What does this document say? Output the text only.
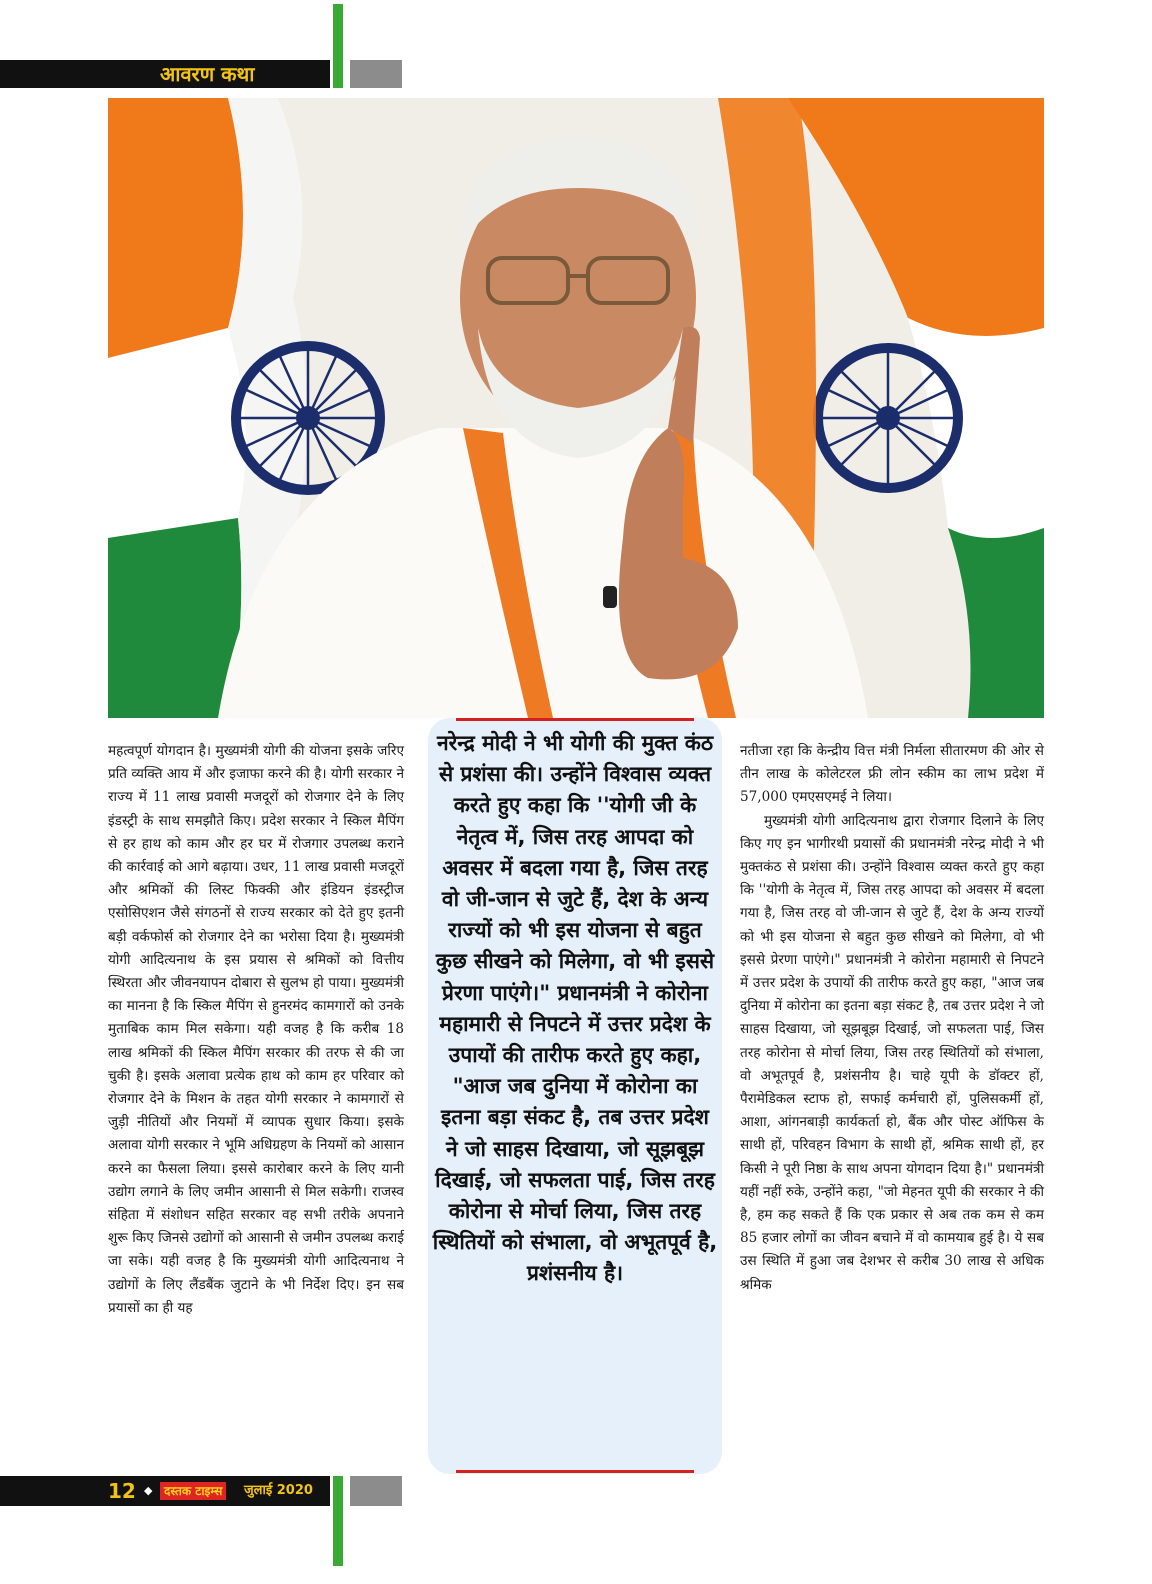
आवरण कथा

महत्वपूर्ण योगदान है। मुख्यमंत्री योगी की योजना इसके जरिए प्रति व्यक्ति आय में और इजाफा करने की है। योगी सरकार ने राज्य में 11 लाख प्रवासी मजदूरों को रोजगार देने के लिए इंडस्ट्री के साथ समझौते किए। प्रदेश सरकार ने स्किल मैपिंग से हर हाथ को काम और हर घर में रोजगार उपलब्ध कराने की कार्रवाई को आगे बढ़ाया। उधर, 11 लाख प्रवासी मजदूरों और श्रमिकों की लिस्ट फिक्की और इंडियन इंडस्ट्रीज एसोसिएशन जैसे संगठनों से राज्य सरकार को देते हुए इतनी बड़ी वर्कफोर्स को रोजगार देने का भरोसा दिया है। मुख्यमंत्री योगी आदित्यनाथ के इस प्रयास से श्रमिकों को वित्तीय स्थिरता और जीवनयापन दोबारा से सुलभ हो पाया। मुख्यमंत्री का मानना है कि स्किल मैपिंग से हुनरमंद कामगारों को उनके मुताबिक काम मिल सकेगा। यही वजह है कि करीब 18 लाख श्रमिकों की स्किल मैपिंग सरकार की तरफ से की जा चुकी है। इसके अलावा प्रत्येक हाथ को काम हर परिवार को रोजगार देने के मिशन के तहत योगी सरकार ने कामगारों से जुड़ी नीतियों और नियमों में व्यापक सुधार किया। इसके अलावा योगी सरकार ने भूमि अधिग्रहण के नियमों को आसान करने का फैसला लिया। इससे कारोबार करने के लिए यानी उद्योग लगाने के लिए जमीन आसानी से मिल सकेगी। राजस्व संहिता में संशोधन सहित सरकार वह सभी तरीके अपनाने शुरू किए जिनसे उद्योगों को आसानी से जमीन उपलब्ध कराई जा सके। यही वजह है कि मुख्यमंत्री योगी आदित्यनाथ ने उद्योगों के लिए लैंडबैंक जुटाने के भी निर्देश दिए। इन सब प्रयासों का ही यह

नरेन्द्र मोदी ने भी योगी की मुक्त कंठ से प्रशंसा की। उन्होंने विश्वास व्यक्त करते हुए कहा कि ''योगी जी के नेतृत्व में, जिस तरह आपदा को अवसर में बदला गया है, जिस तरह वो जी-जान से जुटे हैं, देश के अन्य राज्यों को भी इस योजना से बहुत कुछ सीखने को मिलेगा, वो भी इससे प्रेरणा पाएंगे।" प्रधानमंत्री ने कोरोना महामारी से निपटने में उत्तर प्रदेश के उपायों की तारीफ करते हुए कहा, "आज जब दुनिया में कोरोना का इतना बड़ा संकट है, तब उत्तर प्रदेश ने जो साहस दिखाया, जो सूझबूझ दिखाई, जो सफलता पाई, जिस तरह कोरोना से मोर्चा लिया, जिस तरह स्थितियों को संभाला, वो अभूतपूर्व है, प्रशंसनीय है।

नतीजा रहा कि केन्द्रीय वित्त मंत्री निर्मला सीतारमण की ओर से तीन लाख के कोलेटरल फ्री लोन स्कीम का लाभ प्रदेश में 57,000 एमएसएमई ने लिया।

मुख्यमंत्री योगी आदित्यनाथ द्वारा रोजगार दिलाने के लिए किए गए इन भागीरथी प्रयासों की प्रधानमंत्री नरेन्द्र मोदी ने भी मुक्तकंठ से प्रशंसा की। उन्होंने विश्वास व्यक्त करते हुए कहा कि ''योगी के नेतृत्व में, जिस तरह आपदा को अवसर में बदला गया है, जिस तरह वो जी-जान से जुटे हैं, देश के अन्य राज्यों को भी इस योजना से बहुत कुछ सीखने को मिलेगा, वो भी इससे प्रेरणा पाएंगे।" प्रधानमंत्री ने कोरोना महामारी से निपटने में उत्तर प्रदेश के उपायों की तारीफ करते हुए कहा, "आज जब दुनिया में कोरोना का इतना बड़ा संकट है, तब उत्तर प्रदेश ने जो साहस दिखाया, जो सूझबूझ दिखाई, जो सफलता पाई, जिस तरह कोरोना से मोर्चा लिया, जिस तरह स्थितियों को संभाला, वो अभूतपूर्व है, प्रशंसनीय है। चाहे यूपी के डॉक्टर हों, पैरामेडिकल स्टाफ हो, सफाई कर्मचारी हों, पुलिसकर्मी हों, आशा, आंगनबाड़ी कार्यकर्ता हो, बैंक और पोस्ट ऑफिस के साथी हों, परिवहन विभाग के साथी हों, श्रमिक साथी हों, हर किसी ने पूरी निष्ठा के साथ अपना योगदान दिया है।" प्रधानमंत्री यहीं नहीं रुके, उन्होंने कहा, "जो मेहनत यूपी की सरकार ने की है, हम कह सकते हैं कि एक प्रकार से अब तक कम से कम 85 हजार लोगों का जीवन बचाने में वो कामयाब हुई है। ये सब उस स्थिति में हुआ जब देशभर से करीब 30 लाख से अधिक श्रमिक

12 ◆ दस्तक टाइम्स	जुलाई 2020
